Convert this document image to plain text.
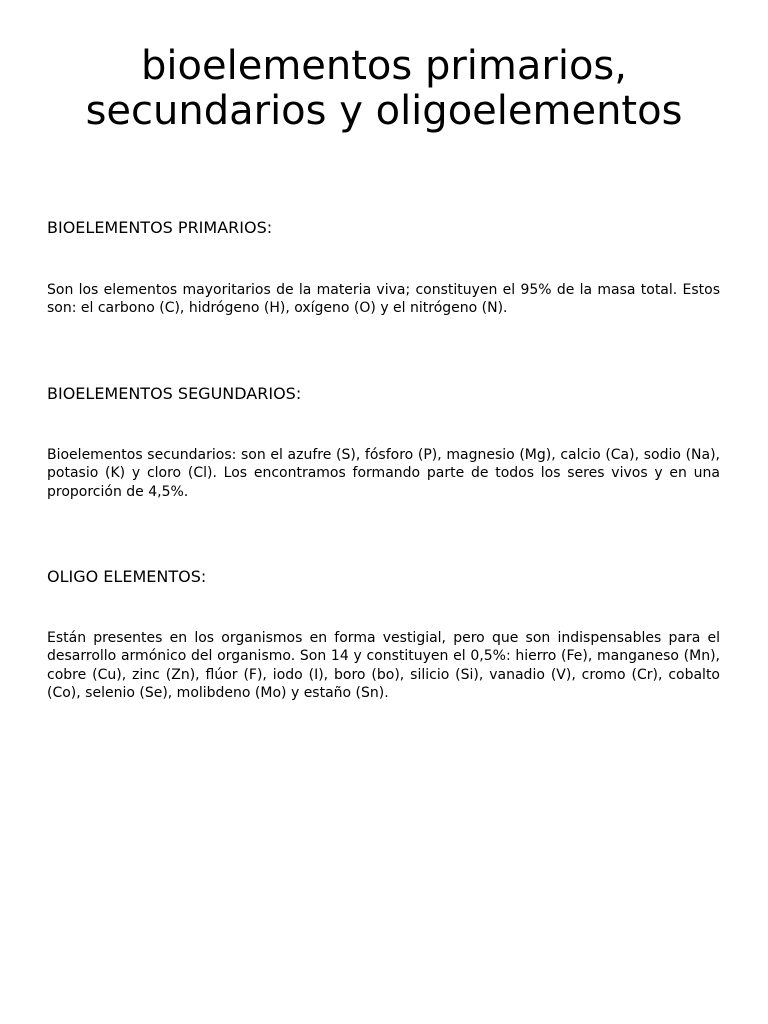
bioelementos primarios, secundarios y oligoelementos
BIOELEMENTOS PRIMARIOS:

Son los elementos mayoritarios de la materia viva; constituyen el 95% de la masa total. Estos son: el carbono (C), hidrógeno (H), oxígeno (O) y el nitrógeno (N).

BIOELEMENTOS SEGUNDARIOS:

Bioelementos secundarios: son el azufre (S), fósforo (P), magnesio (Mg), calcio (Ca), sodio (Na), potasio (K) y cloro (Cl). Los encontramos formando parte de todos los seres vivos y en una proporción de 4,5%.

OLIGO ELEMENTOS:

Están presentes en los organismos en forma vestigial, pero que son indispensables para el desarrollo armónico del organismo. Son 14 y constituyen el 0,5%: hierro (Fe), manganeso (Mn), cobre (Cu), zinc (Zn), flúor (F), iodo (I), boro (bo), silicio (Si), vanadio (V), cromo (Cr), cobalto (Co), selenio (Se), molibdeno (Mo) y estaño (Sn).
